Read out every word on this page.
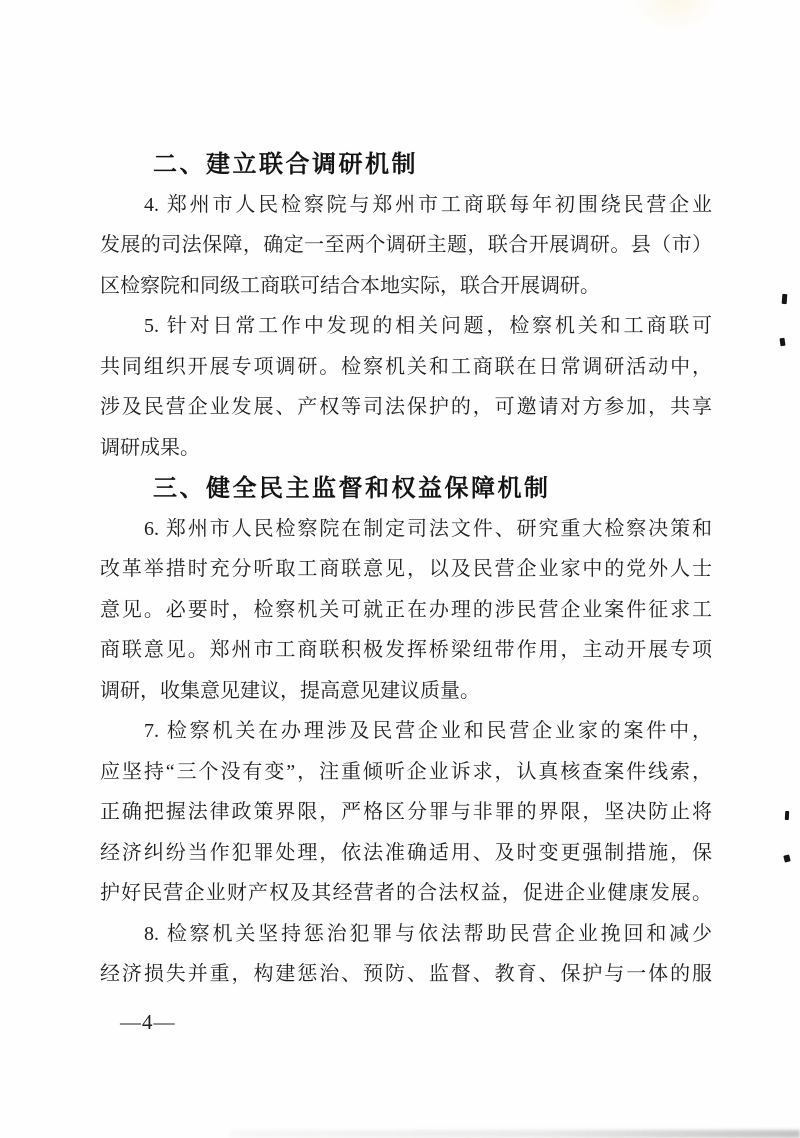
二、建立联合调研机制
4. 郑州市人民检察院与郑州市工商联每年初围绕民营企业
发展的司法保障，确定一至两个调研主题，联合开展调研。县（市）
区检察院和同级工商联可结合本地实际，联合开展调研。
5. 针对日常工作中发现的相关问题，检察机关和工商联可
共同组织开展专项调研。检察机关和工商联在日常调研活动中，
涉及民营企业发展、产权等司法保护的，可邀请对方参加，共享
调研成果。
三、健全民主监督和权益保障机制
6. 郑州市人民检察院在制定司法文件、研究重大检察决策和
改革举措时充分听取工商联意见，以及民营企业家中的党外人士
意见。必要时，检察机关可就正在办理的涉民营企业案件征求工
商联意见。郑州市工商联积极发挥桥梁纽带作用，主动开展专项
调研，收集意见建议，提高意见建议质量。
7. 检察机关在办理涉及民营企业和民营企业家的案件中，
应坚持“三个没有变”，注重倾听企业诉求，认真核查案件线索，
正确把握法律政策界限，严格区分罪与非罪的界限，坚决防止将
经济纠纷当作犯罪处理，依法准确适用、及时变更强制措施，保
护好民营企业财产权及其经营者的合法权益，促进企业健康发展。
8. 检察机关坚持惩治犯罪与依法帮助民营企业挽回和减少
经济损失并重，构建惩治、预防、监督、教育、保护与一体的服
—4—
